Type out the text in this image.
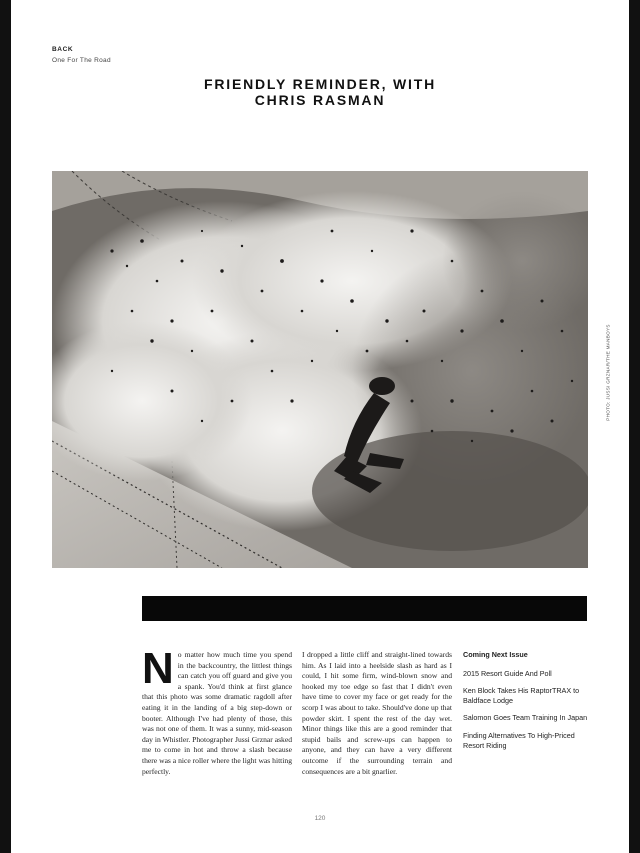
BACK
One For The Road
FRIENDLY REMINDER, WITH
CHRIS RASMAN
PHOTO: JUSSI GRZNAR/THE MANBOYS
N o matter how much time you spend in the backcountry, the littlest things can catch you off guard and give you a spank. You'd think at first glance that this photo was some dramatic ragdoll after eating it in the landing of a big step-down or booter. Although I've had plenty of those, this was not one of them. It was a sunny, mid-season day in Whistler. Photographer Jussi Grznar asked me to come in hot and throw a slash because there was a nice roller where the light was hitting perfectly.
I dropped a little cliff and straight-lined towards him. As I laid into a heelside slash as hard as I could, I hit some firm, wind-blown snow and hooked my toe edge so fast that I didn't even have time to cover my face or get ready for the scorp I was about to take. Should've done up that powder skirt. I spent the rest of the day wet. Minor things like this are a good reminder that stupid bails and screw-ups can happen to anyone, and they can have a very different outcome if the surrounding terrain and consequences are a bit gnarlier.
Coming Next Issue
2015 Resort Guide And Poll
Ken Block Takes His RaptorTRAX to Baldface Lodge
Salomon Goes Team Training In Japan
Finding Alternatives To High-Priced Resort Riding
120
